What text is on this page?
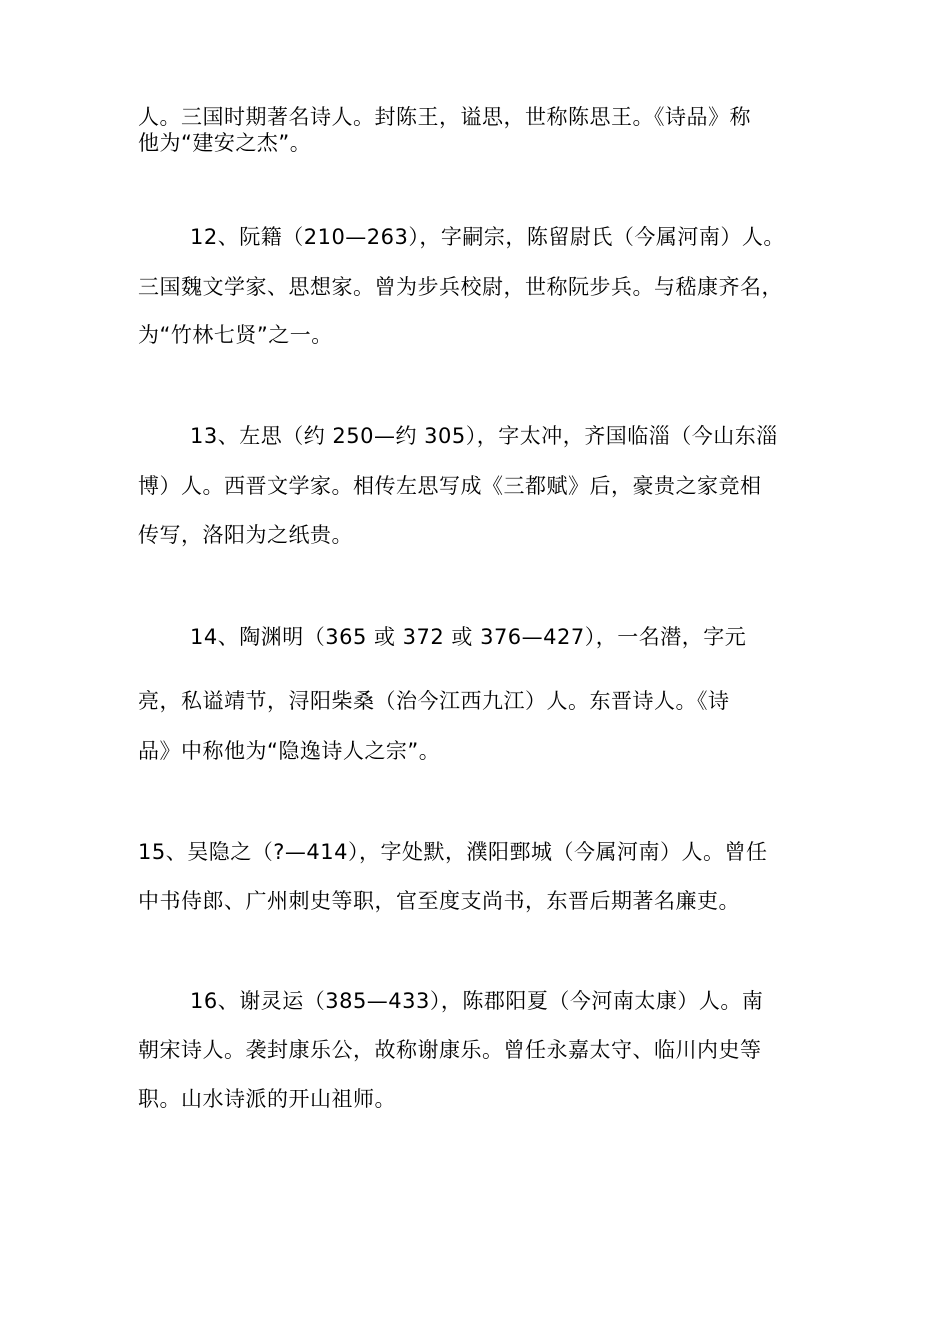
人。三国时期著名诗人。封陈王，谥思，世称陈思王。《诗品》称
他为“建安之杰”。
12、阮籍（210—263），字嗣宗，陈留尉氏（今属河南）人。
三国魏文学家、思想家。曾为步兵校尉，世称阮步兵。与嵇康齐名，
为“竹林七贤”之一。
13、左思（约 250—约 305），字太冲，齐国临淄（今山东淄
博）人。西晋文学家。相传左思写成《三都赋》后，豪贵之家竞相
传写，洛阳为之纸贵。
14、陶渊明（365 或 372 或 376—427），一名潜，字元
亮，私谥靖节，浔阳柴桑（治今江西九江）人。东晋诗人。《诗
品》中称他为“隐逸诗人之宗”。
15、吴隐之（?—414），字处默，濮阳鄄城（今属河南）人。曾任
中书侍郎、广州刺史等职，官至度支尚书，东晋后期著名廉吏。
16、谢灵运（385—433），陈郡阳夏（今河南太康）人。南
朝宋诗人。袭封康乐公，故称谢康乐。曾任永嘉太守、临川内史等
职。山水诗派的开山祖师。
